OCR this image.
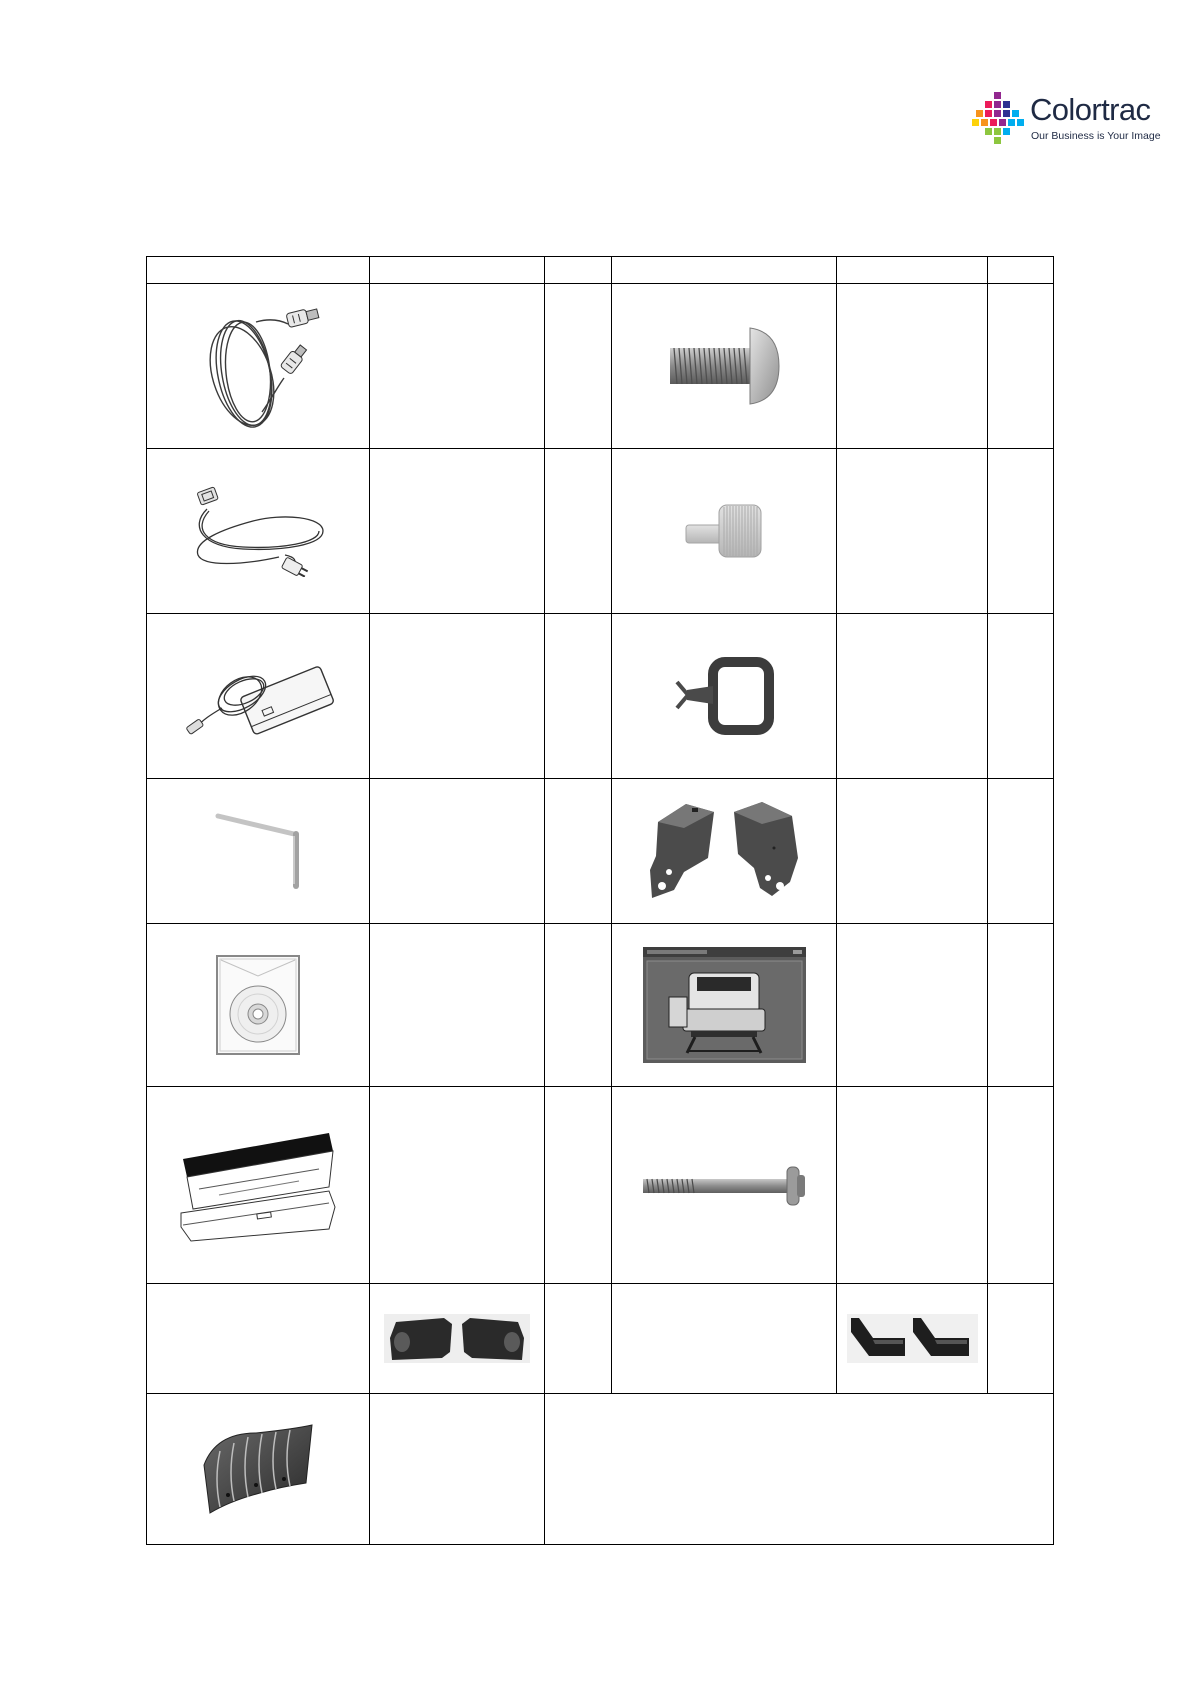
Colortrac
Our Business is Your Image
